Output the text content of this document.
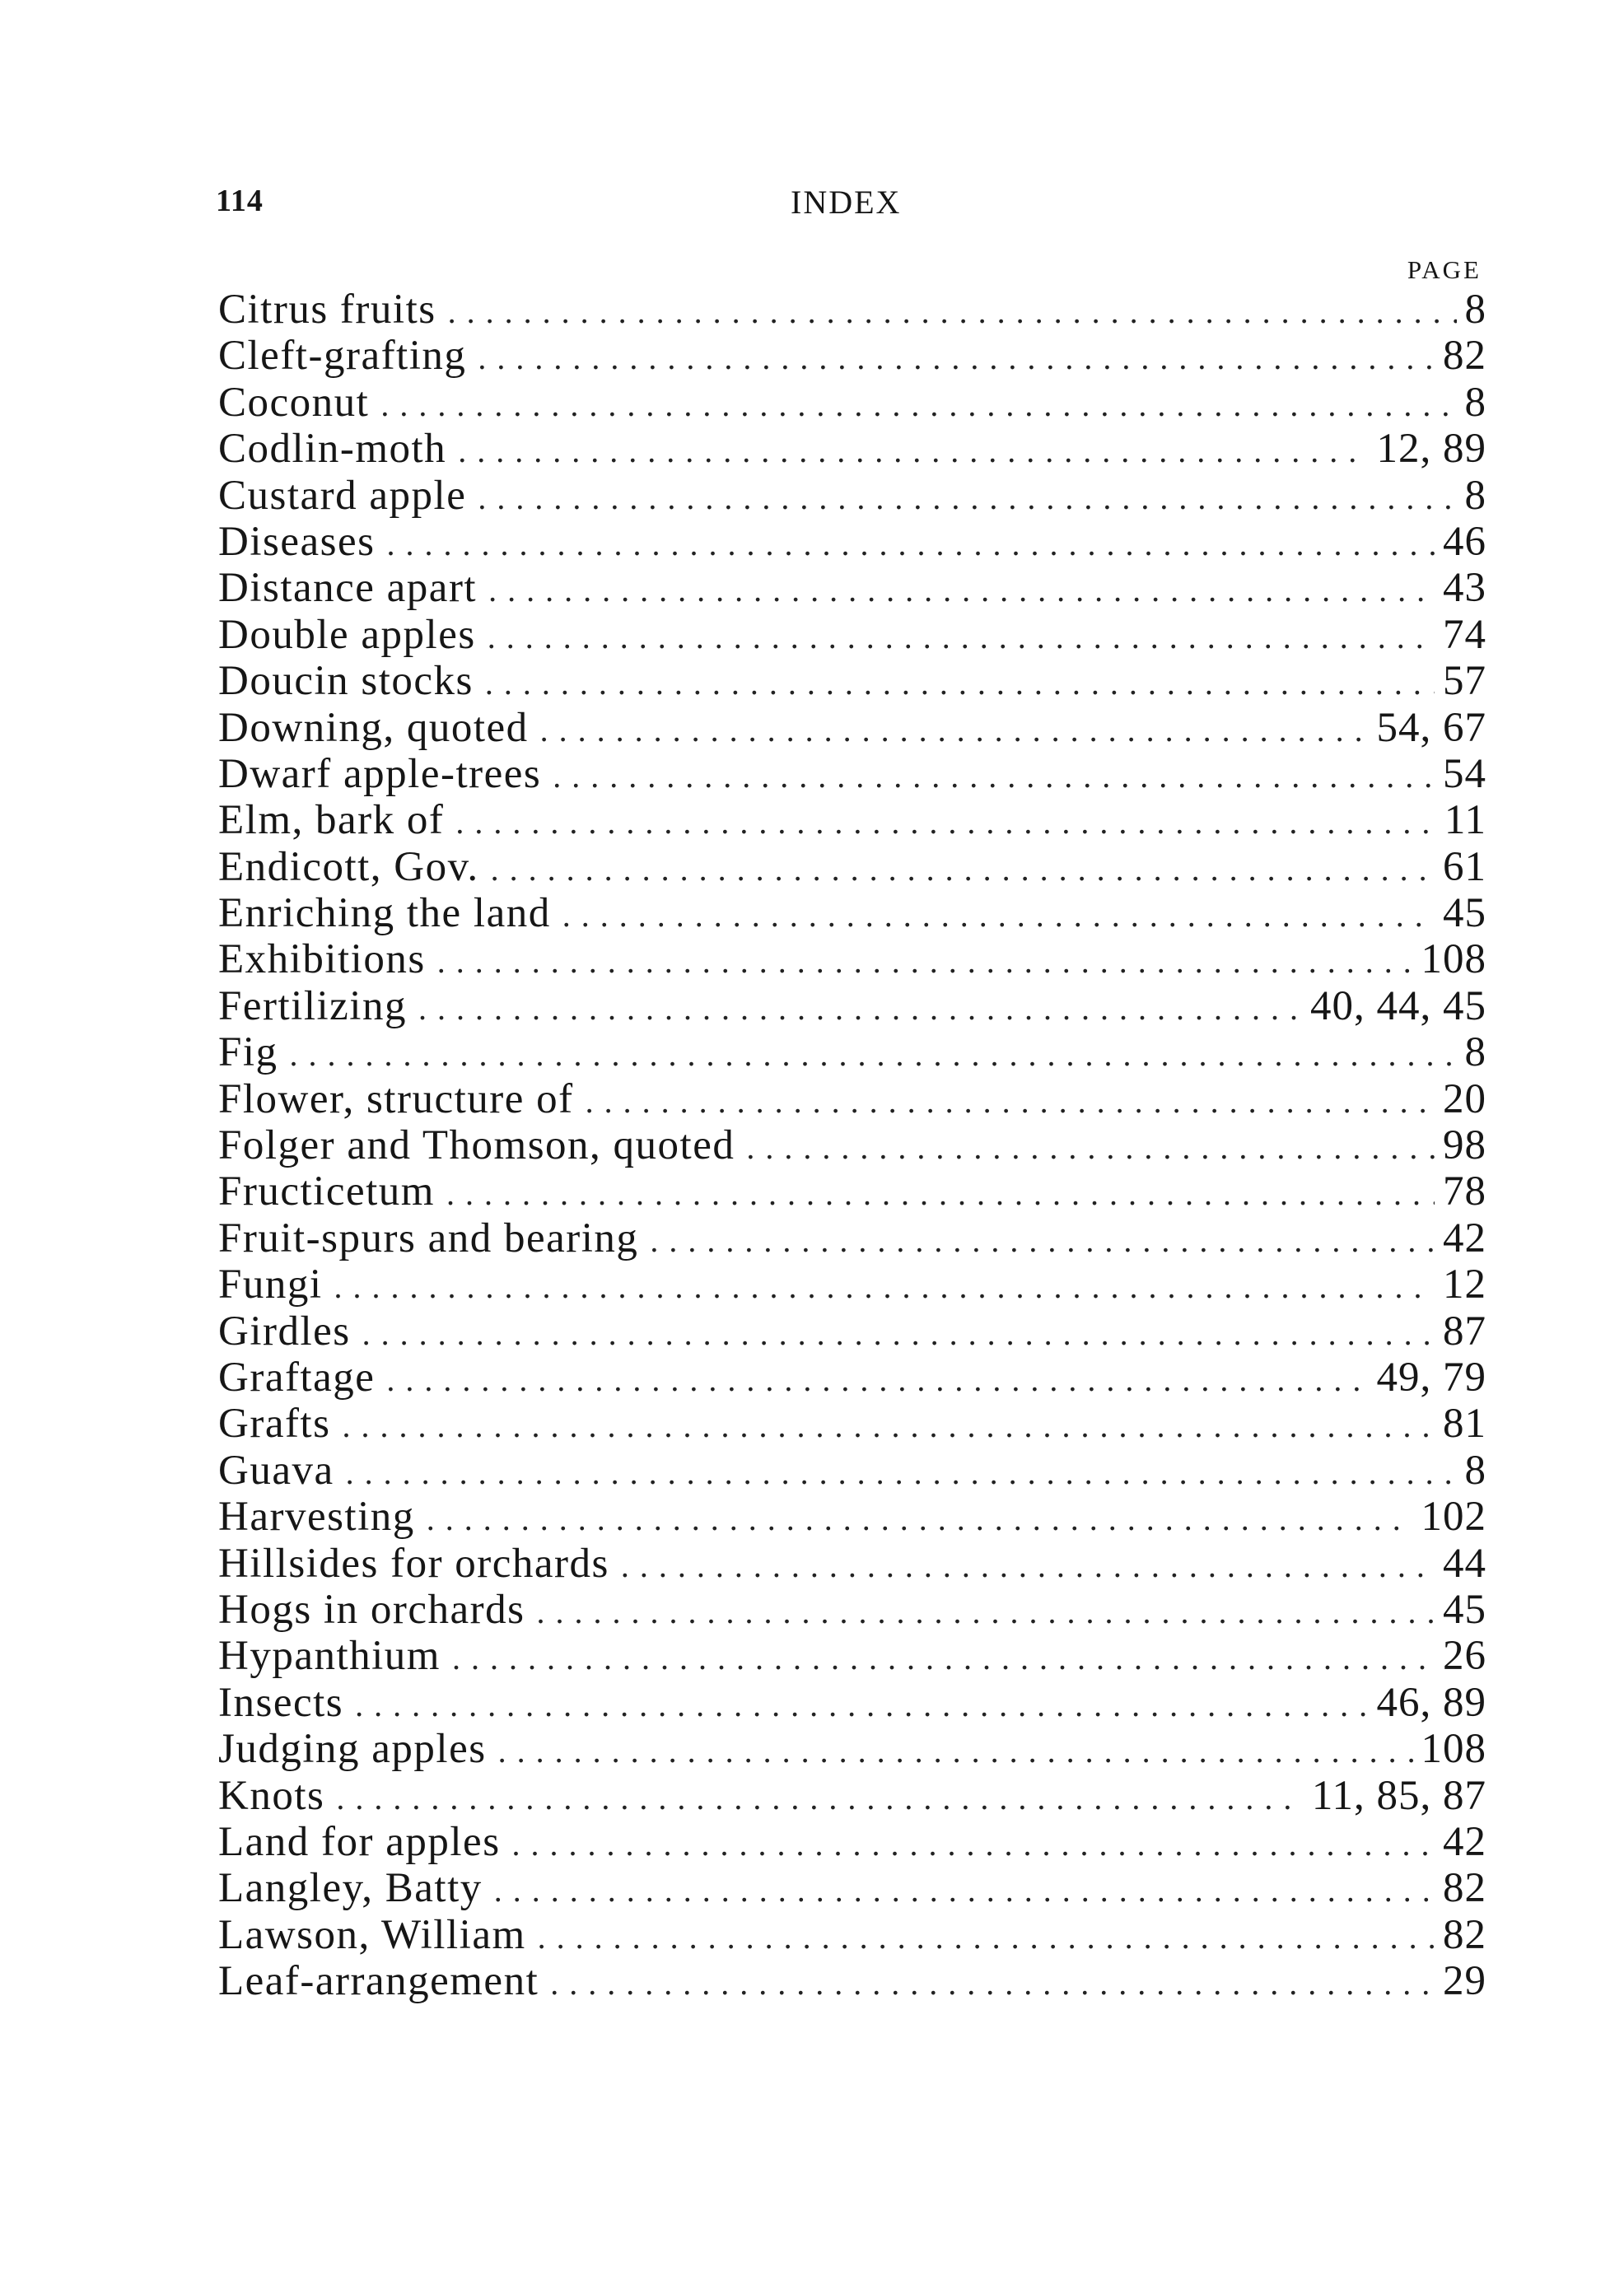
114	INDEX
PAGE
Citrus fruits .....	8
Cleft-grafting .....	82
Coconut .....	8
Codlin-moth .....	12, 89
Custard apple .....	8
Diseases .....	46
Distance apart .....	43
Double apples .....	74
Doucin stocks .....	57
Downing, quoted .....	54, 67
Dwarf apple-trees .....	54
Elm, bark of .....	11
Endicott, Gov. .....	61
Enriching the land .....	45
Exhibitions .....	108
Fertilizing .....	40, 44, 45
Fig .....	8
Flower, structure of .....	20
Folger and Thomson, quoted .....	98
Fructicetum .....	78
Fruit-spurs and bearing .....	42
Fungi .....	12
Girdles .....	87
Graftage .....	49, 79
Grafts .....	81
Guava .....	8
Harvesting .....	102
Hillsides for orchards .....	44
Hogs in orchards .....	45
Hypanthium .....	26
Insects .....	46, 89
Judging apples .....	108
Knots .....	11, 85, 87
Land for apples .....	42
Langley, Batty .....	82
Lawson, William .....	82
Leaf-arrangement .....	29
